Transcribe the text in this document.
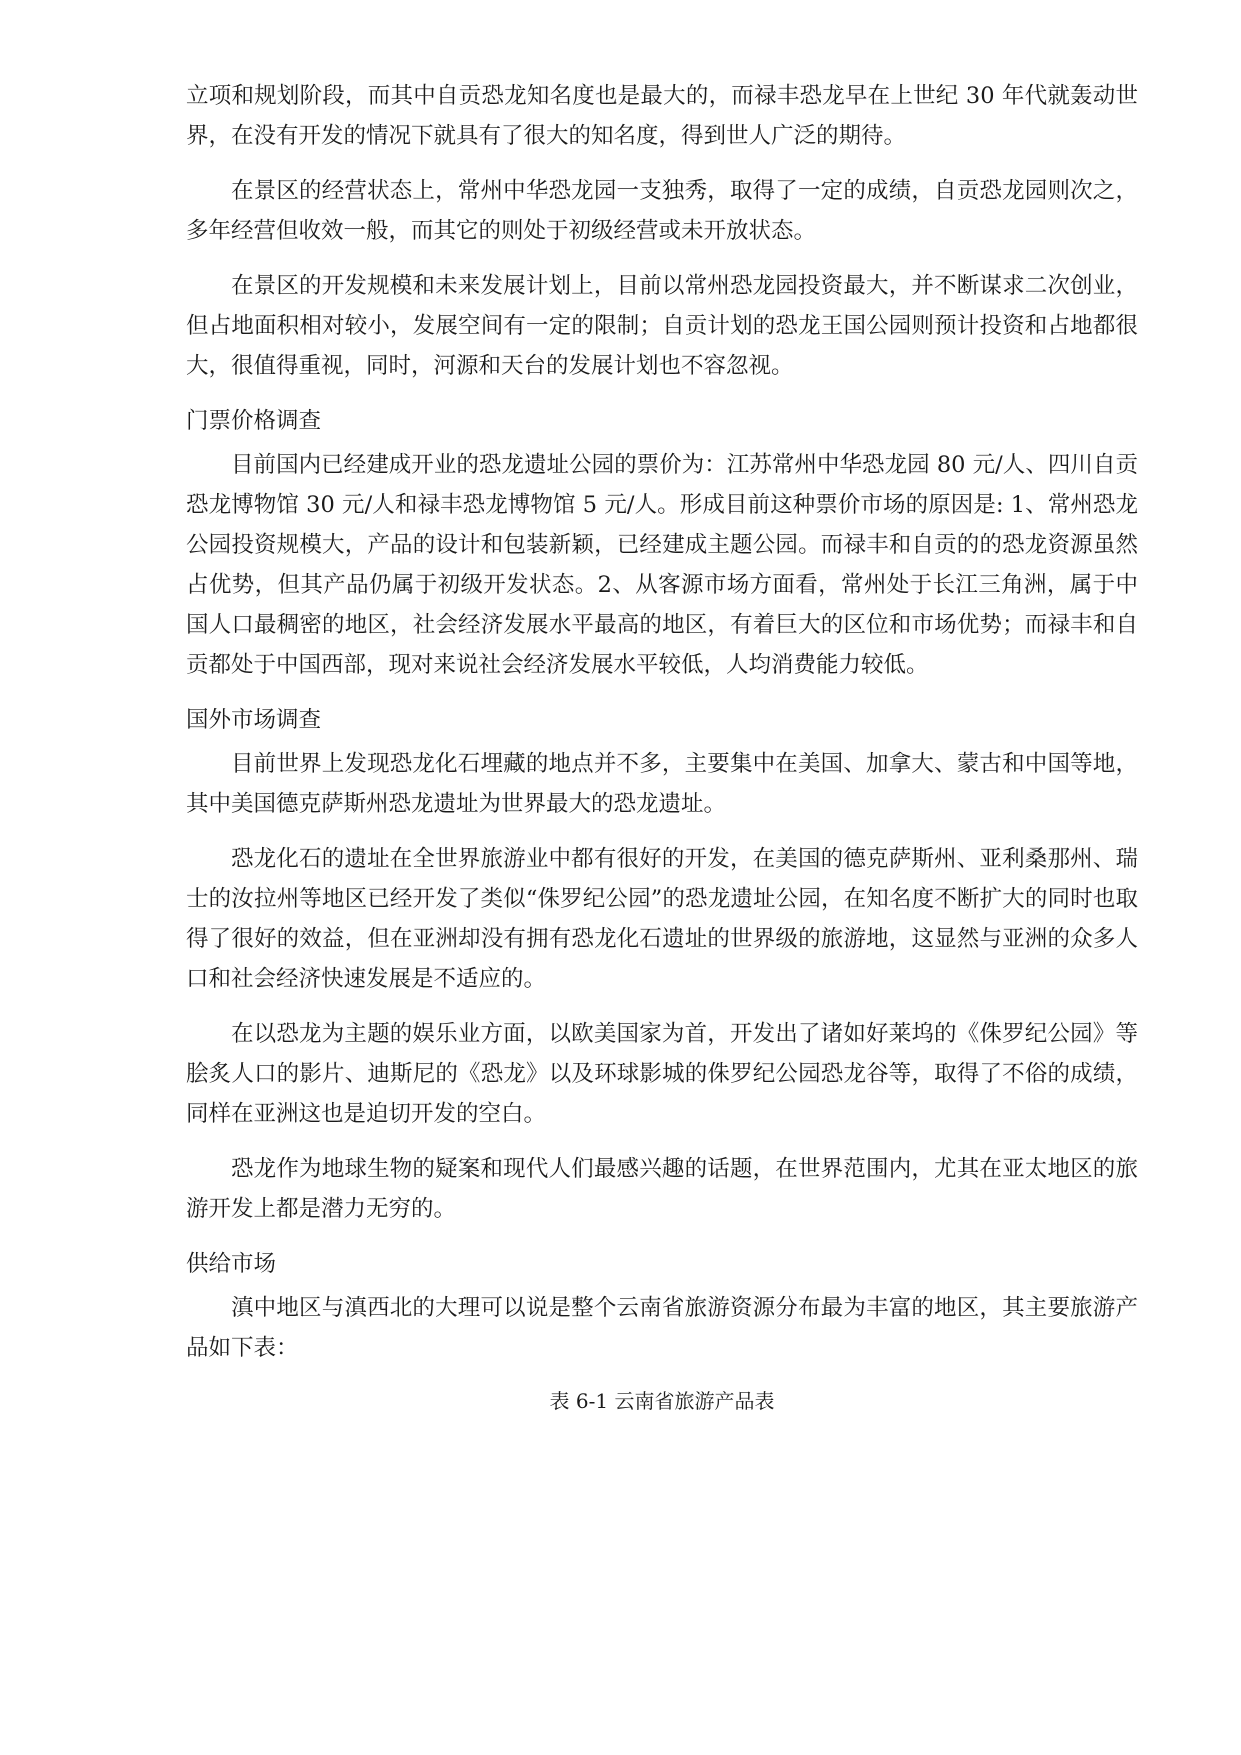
立项和规划阶段，而其中自贡恐龙知名度也是最大的，而禄丰恐龙早在上世纪 30 年代就轰动世界，在没有开发的情况下就具有了很大的知名度，得到世人广泛的期待。

在景区的经营状态上，常州中华恐龙园一支独秀，取得了一定的成绩，自贡恐龙园则次之，多年经营但收效一般，而其它的则处于初级经营或未开放状态。

在景区的开发规模和未来发展计划上，目前以常州恐龙园投资最大，并不断谋求二次创业，但占地面积相对较小，发展空间有一定的限制；自贡计划的恐龙王国公园则预计投资和占地都很大，很值得重视，同时，河源和天台的发展计划也不容忽视。

门票价格调查

目前国内已经建成开业的恐龙遗址公园的票价为：江苏常州中华恐龙园 80 元/人、四川自贡恐龙博物馆 30 元/人和禄丰恐龙博物馆 5 元/人。形成目前这种票价市场的原因是: 1、常州恐龙公园投资规模大，产品的设计和包装新颖，已经建成主题公园。而禄丰和自贡的的恐龙资源虽然占优势，但其产品仍属于初级开发状态。2、从客源市场方面看，常州处于长江三角洲，属于中国人口最稠密的地区，社会经济发展水平最高的地区，有着巨大的区位和市场优势；而禄丰和自贡都处于中国西部，现对来说社会经济发展水平较低，人均消费能力较低。

国外市场调查

目前世界上发现恐龙化石埋藏的地点并不多，主要集中在美国、加拿大、蒙古和中国等地，其中美国德克萨斯州恐龙遗址为世界最大的恐龙遗址。

恐龙化石的遗址在全世界旅游业中都有很好的开发，在美国的德克萨斯州、亚利桑那州、瑞士的汝拉州等地区已经开发了类似“侏罗纪公园”的恐龙遗址公园，在知名度不断扩大的同时也取得了很好的效益，但在亚洲却没有拥有恐龙化石遗址的世界级的旅游地，这显然与亚洲的众多人口和社会经济快速发展是不适应的。

在以恐龙为主题的娱乐业方面，以欧美国家为首，开发出了诸如好莱坞的《侏罗纪公园》等脍炙人口的影片、迪斯尼的《恐龙》以及环球影城的侏罗纪公园恐龙谷等，取得了不俗的成绩，同样在亚洲这也是迫切开发的空白。

恐龙作为地球生物的疑案和现代人们最感兴趣的话题，在世界范围内，尤其在亚太地区的旅游开发上都是潜力无穷的。

供给市场

滇中地区与滇西北的大理可以说是整个云南省旅游资源分布最为丰富的地区，其主要旅游产品如下表：

表 6-1 云南省旅游产品表
